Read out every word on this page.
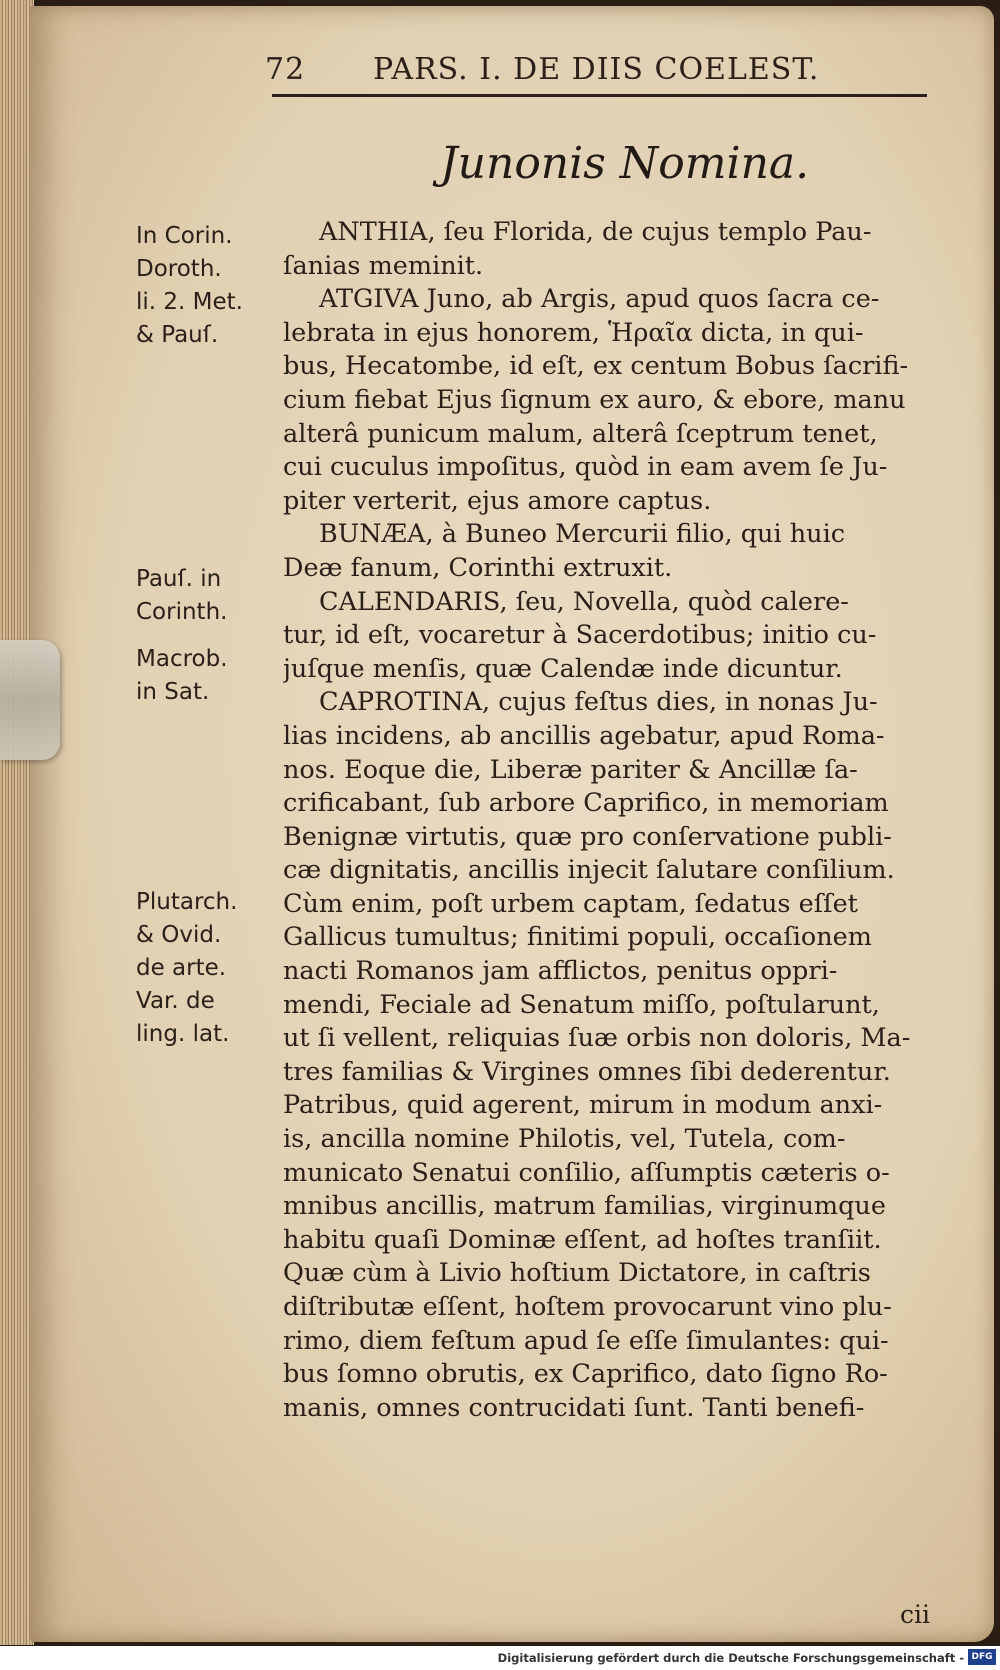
72 PARS. I. DE DIIS COELEST.
Junonis Nomina.
In Corin.
Doroth.
li. 2. Met.
& Pauſ.
Pauſ. in
Corinth.
Macrob.
in Sat.
Plutarch.
& Ovid.
de arte.
Var. de
ling. lat.
ANTHIA, ſeu Florida, de cujus templo Pau-
ſanias meminit.
ATGIVA Juno, ab Argis, apud quos ſacra ce-
lebrata in ejus honorem, Ἡραῖα dicta, in qui-
bus, Hecatombe, id eſt, ex centum Bobus ſacrifi-
cium fiebat Ejus ſignum ex auro, & ebore, manu
alterâ punicum malum, alterâ ſceptrum tenet,
cui cuculus impoſitus, quòd in eam avem ſe Ju-
piter verterit, ejus amore captus.
BUNÆA, à Buneo Mercurii filio, qui huic
Deæ fanum, Corinthi extruxit.
CALENDARIS, ſeu, Novella, quòd calere-
tur, id eſt, vocaretur à Sacerdotibus; initio cu-
juſque menſis, quæ Calendæ inde dicuntur.
CAPROTINA, cujus feſtus dies, in nonas Ju-
lias incidens, ab ancillis agebatur, apud Roma-
nos. Eoque die, Liberæ pariter & Ancillæ ſa-
crificabant, ſub arbore Caprifico, in memoriam
Benignæ virtutis, quæ pro conſervatione publi-
cæ dignitatis, ancillis injecit ſalutare conſilium.
Cùm enim, poſt urbem captam, ſedatus eſſet
Gallicus tumultus; finitimi populi, occaſionem
nacti Romanos jam afflictos, penitus oppri-
mendi, Feciale ad Senatum miſſo, poſtularunt,
ut ſi vellent, reliquias ſuæ orbis non doloris, Ma-
tres familias & Virgines omnes ſibi dederentur.
Patribus, quid agerent, mirum in modum anxi-
is, ancilla nomine Philotis, vel, Tutela, com-
municato Senatui conſilio, aſſumptis cæteris o-
mnibus ancillis, matrum familias, virginumque
habitu quaſi Dominæ eſſent, ad hoſtes tranſiit.
Quæ cùm à Livio hoſtium Dictatore, in caſtris
diſtributæ eſſent, hoſtem provocarunt vino plu-
rimo, diem feſtum apud ſe eſſe ſimulantes: qui-
bus ſomno obrutis, ex Caprifico, dato ſigno Ro-
manis, omnes contrucidati ſunt. Tanti benefi-
cii
Digitalisierung gefördert durch die Deutsche Forschungsgemeinschaft - DFG
